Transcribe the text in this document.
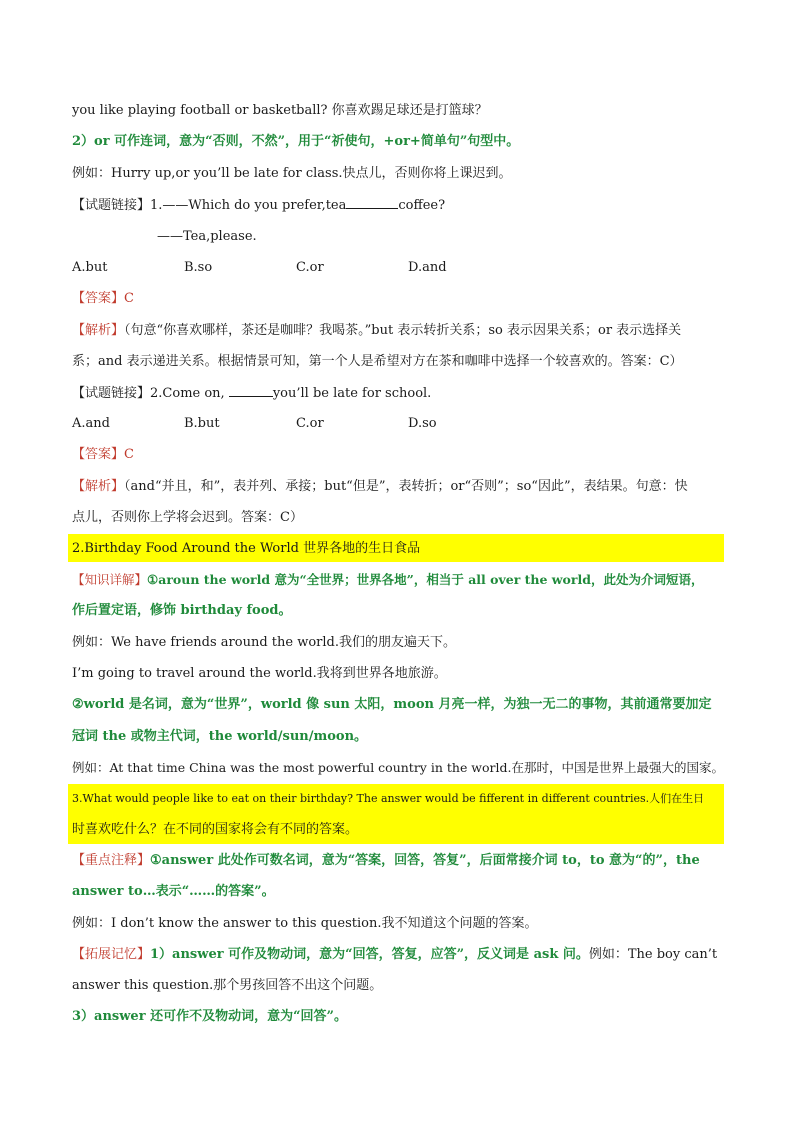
you like playing football or basketball? 你喜欢踢足球还是打篮球？
2）or 可作连词，意为“否则，不然”，用于“祈使句，+or+简单句”句型中。
例如：Hurry up,or you’ll be late for class.快点儿，否则你将上课迟到。
【试题链接】1.——Which do you prefer,tea	coffee?
——Tea,please.
A.but	B.so	C.or	D.and
【答案】C
【解析】（句意“你喜欢哪样，茶还是咖啡？我喝茶。”but 表示转折关系；so 表示因果关系；or 表示选择关
系；and 表示递进关系。根据情景可知，第一个人是希望对方在茶和咖啡中选择一个较喜欢的。答案：C）
【试题链接】2.Come on,	you’ll be late for school.
A.and	B.but	C.or	D.so
【答案】C
【解析】（and“并且，和”，表并列、承接；but“但是”，表转折；or“否则”；so“因此”，表结果。句意：快
点儿，否则你上学将会迟到。答案：C）
2.Birthday Food Around the World 世界各地的生日食品
【知识详解】①aroun the world 意为“全世界；世界各地”，相当于 all over the world，此处为介词短语，
作后置定语，修饰 birthday food。
例如：We have friends around the world.我们的朋友遍天下。
I’m going to travel around the world.我将到世界各地旅游。
②world 是名词，意为“世界”，world 像 sun 太阳，moon 月亮一样，为独一无二的事物，其前通常要加定
冠词 the 或物主代词，the world/sun/moon。
例如：At that time China was the most powerful country in the world.在那时，中国是世界上最强大的国家。
3.What would people like to eat on their birthday? The answer would be fifferent in different countries.人们在生日
时喜欢吃什么？在不同的国家将会有不同的答案。
【重点注释】①answer 此处作可数名词，意为“答案，回答，答复”，后面常接介词 to，to 意为“的”，the
answer to…表示“……的答案”。
例如：I don’t know the answer to this question.我不知道这个问题的答案。
【拓展记忆】1）answer 可作及物动词，意为“回答，答复，应答”，反义词是 ask 问。例如：The boy can’t
answer this question.那个男孩回答不出这个问题。
3）answer 还可作不及物动词，意为“回答”。
